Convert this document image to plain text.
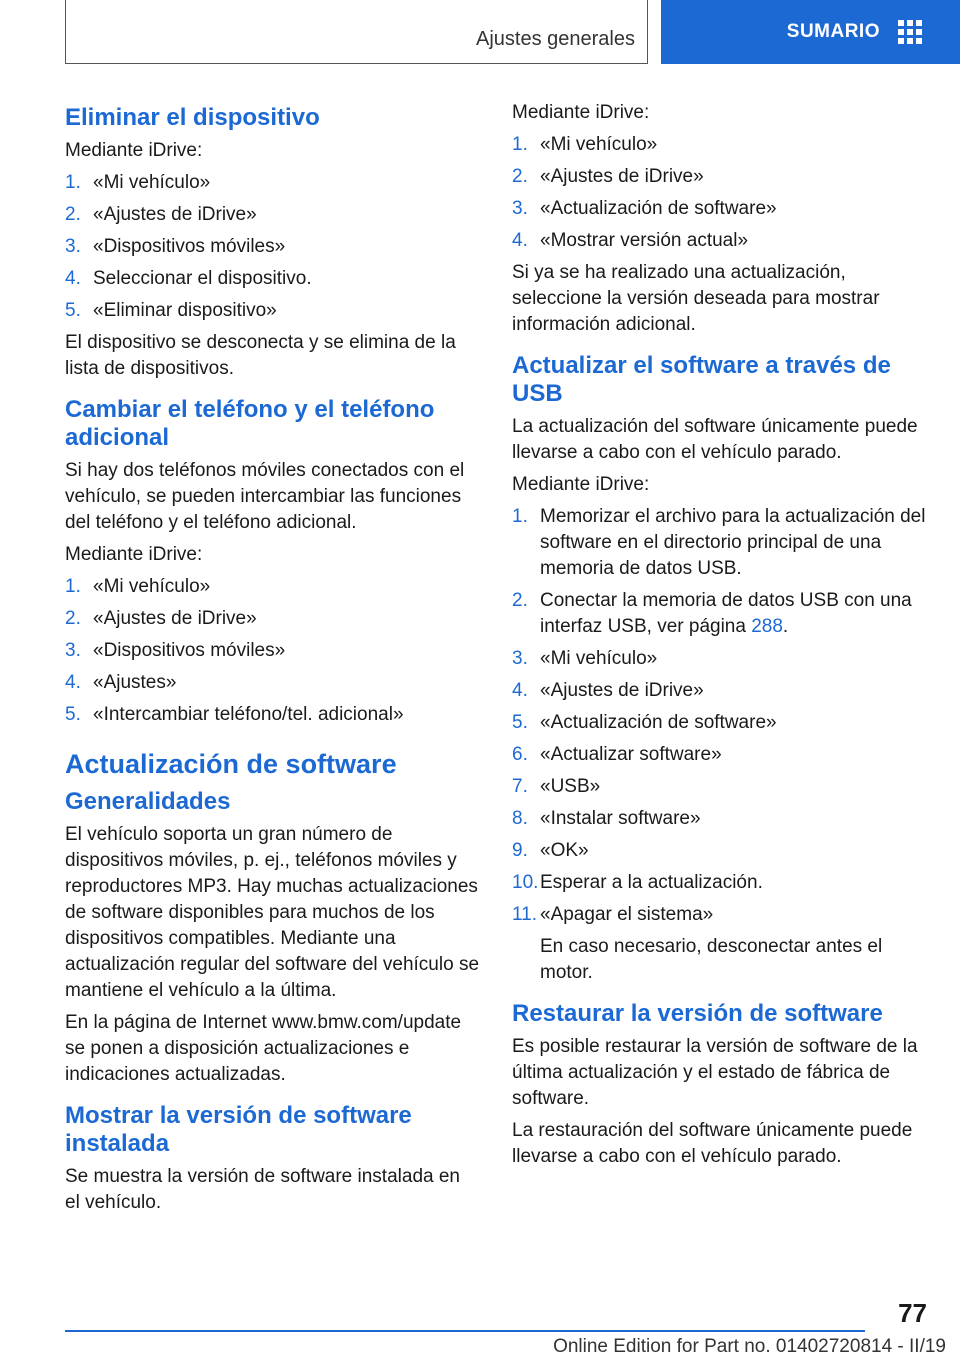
Ajustes generales	SUMARIO
Eliminar el dispositivo

Mediante iDrive:

1. «Mi vehículo»
2. «Ajustes de iDrive»
3. «Dispositivos móviles»
4. Seleccionar el dispositivo.
5. «Eliminar dispositivo»

El dispositivo se desconecta y se elimina de la lista de dispositivos.

Cambiar el teléfono y el teléfono adicional

Si hay dos teléfonos móviles conectados con el vehículo, se pueden intercambiar las funciones del teléfono y el teléfono adicional.

Mediante iDrive:

1. «Mi vehículo»
2. «Ajustes de iDrive»
3. «Dispositivos móviles»
4. «Ajustes»
5. «Intercambiar teléfono/tel. adicional»
Actualización de software
Generalidades

El vehículo soporta un gran número de dispositivos móviles, p. ej., teléfonos móviles y reproductores MP3. Hay muchas actualizaciones de software disponibles para muchos de los dispositivos compatibles. Mediante una actualización regular del software del vehículo se mantiene el vehículo a la última.

En la página de Internet www.bmw.com/update se ponen a disposición actualizaciones e indicaciones actualizadas.

Mostrar la versión de software instalada

Se muestra la versión de software instalada en el vehículo.

Mediante iDrive:

1. «Mi vehículo»
2. «Ajustes de iDrive»
3. «Actualización de software»
4. «Mostrar versión actual»

Si ya se ha realizado una actualización, seleccione la versión deseada para mostrar información adicional.

Actualizar el software a través de USB

La actualización del software únicamente puede llevarse a cabo con el vehículo parado.

Mediante iDrive:

1. Memorizar el archivo para la actualización del software en el directorio principal de una memoria de datos USB.
2. Conectar la memoria de datos USB con una interfaz USB, ver página 288.
3. «Mi vehículo»
4. «Ajustes de iDrive»
5. «Actualización de software»
6. «Actualizar software»
7. «USB»
8. «Instalar software»
9. «OK»
10. Esperar a la actualización.
11. «Apagar el sistema»
En caso necesario, desconectar antes el motor.
Restaurar la versión de software

Es posible restaurar la versión de software de la última actualización y el estado de fábrica de software.

La restauración del software únicamente puede llevarse a cabo con el vehículo parado.

77
Online Edition for Part no. 01402720814 - II/19
